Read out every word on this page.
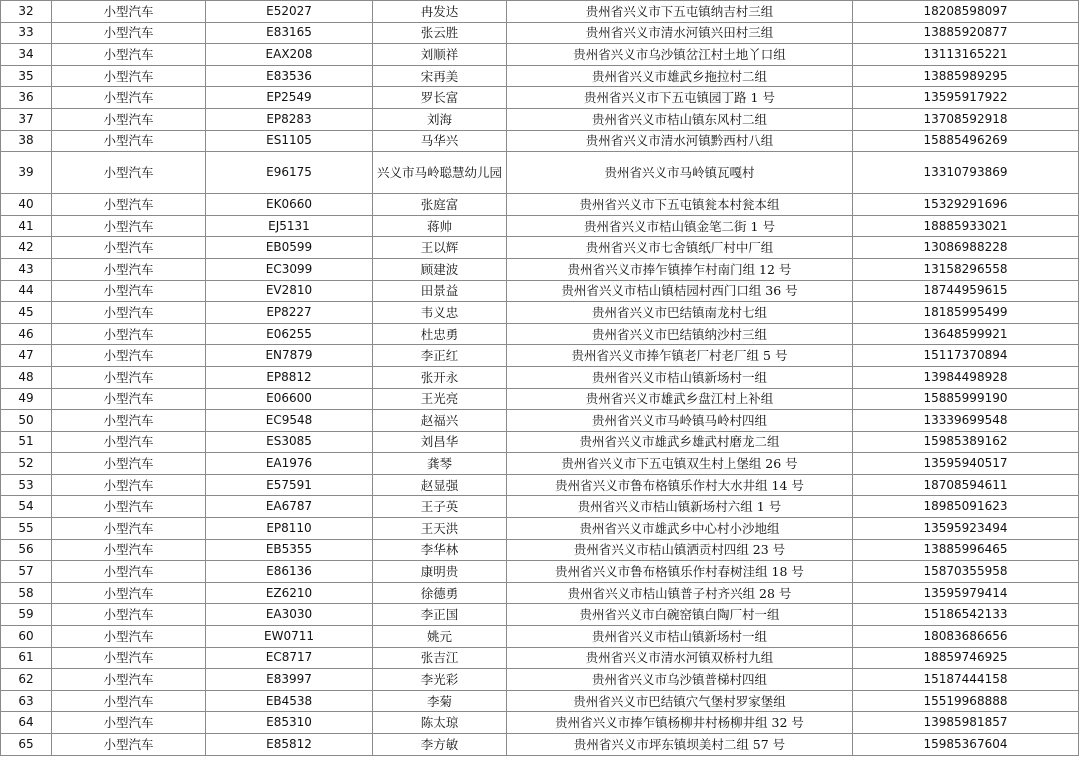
32	小型汽车	E52027	冉发达	贵州省兴义市下五屯镇纳吉村三组	18208598097
33	小型汽车	E83165	张云胜	贵州省兴义市清水河镇兴田村三组	13885920877
34	小型汽车	EAX208	刘顺祥	贵州省兴义市乌沙镇岔江村土地丫口组	13113165221
35	小型汽车	E83536	宋再美	贵州省兴义市雄武乡拖拉村二组	13885989295
36	小型汽车	EP2549	罗长富	贵州省兴义市下五屯镇园丁路 1 号	13595917922
37	小型汽车	EP8283	刘海	贵州省兴义市桔山镇东风村二组	13708592918
38	小型汽车	ES1105	马华兴	贵州省兴义市清水河镇黔西村八组	15885496269
39	小型汽车	E96175	兴义市马岭聪慧幼儿园	贵州省兴义市马岭镇瓦嘎村	13310793869
40	小型汽车	EK0660	张庭富	贵州省兴义市下五屯镇瓮本村瓮本组	15329291696
41	小型汽车	EJ5131	蒋帅	贵州省兴义市桔山镇金笔二街 1 号	18885933021
42	小型汽车	EB0599	王以辉	贵州省兴义市七舍镇纸厂村中厂组	13086988228
43	小型汽车	EC3099	顾建波	贵州省兴义市捧乍镇捧乍村南门组 12 号	13158296558
44	小型汽车	EV2810	田景益	贵州省兴义市桔山镇桔园村西门口组 36 号	18744959615
45	小型汽车	EP8227	韦义忠	贵州省兴义市巴结镇南龙村七组	18185995499
46	小型汽车	E06255	杜忠勇	贵州省兴义市巴结镇纳沙村三组	13648599921
47	小型汽车	EN7879	李正红	贵州省兴义市捧乍镇老厂村老厂组 5 号	15117370894
48	小型汽车	EP8812	张开永	贵州省兴义市桔山镇新场村一组	13984498928
49	小型汽车	E06600	王光亮	贵州省兴义市雄武乡盘江村上补组	15885999190
50	小型汽车	EC9548	赵福兴	贵州省兴义市马岭镇马岭村四组	13339699548
51	小型汽车	ES3085	刘昌华	贵州省兴义市雄武乡雄武村磨龙二组	15985389162
52	小型汽车	EA1976	龚琴	贵州省兴义市下五屯镇双生村上堡组 26 号	13595940517
53	小型汽车	E57591	赵显强	贵州省兴义市鲁布格镇乐作村大水井组 14 号	18708594611
54	小型汽车	EA6787	王子英	贵州省兴义市桔山镇新场村六组 1 号	18985091623
55	小型汽车	EP8110	王天洪	贵州省兴义市雄武乡中心村小沙地组	13595923494
56	小型汽车	EB5355	李华林	贵州省兴义市桔山镇洒贡村四组 23 号	13885996465
57	小型汽车	E86136	康明贵	贵州省兴义市鲁布格镇乐作村春树洼组 18 号	15870355958
58	小型汽车	EZ6210	徐德勇	贵州省兴义市桔山镇普子村齐兴组 28 号	13595979414
59	小型汽车	EA3030	李正国	贵州省兴义市白碗窑镇白陶厂村一组	15186542133
60	小型汽车	EW0711	姚元	贵州省兴义市桔山镇新场村一组	18083686656
61	小型汽车	EC8717	张吉江	贵州省兴义市清水河镇双桥村九组	18859746925
62	小型汽车	E83997	李光彩	贵州省兴义市乌沙镇普梯村四组	15187444158
63	小型汽车	EB4538	李菊	贵州省兴义市巴结镇穴气堡村罗家堡组	15519968888
64	小型汽车	E85310	陈太琼	贵州省兴义市捧乍镇杨柳井村杨柳井组 32 号	13985981857
65	小型汽车	E85812	李方敏	贵州省兴义市坪东镇坝美村二组 57 号	15985367604
